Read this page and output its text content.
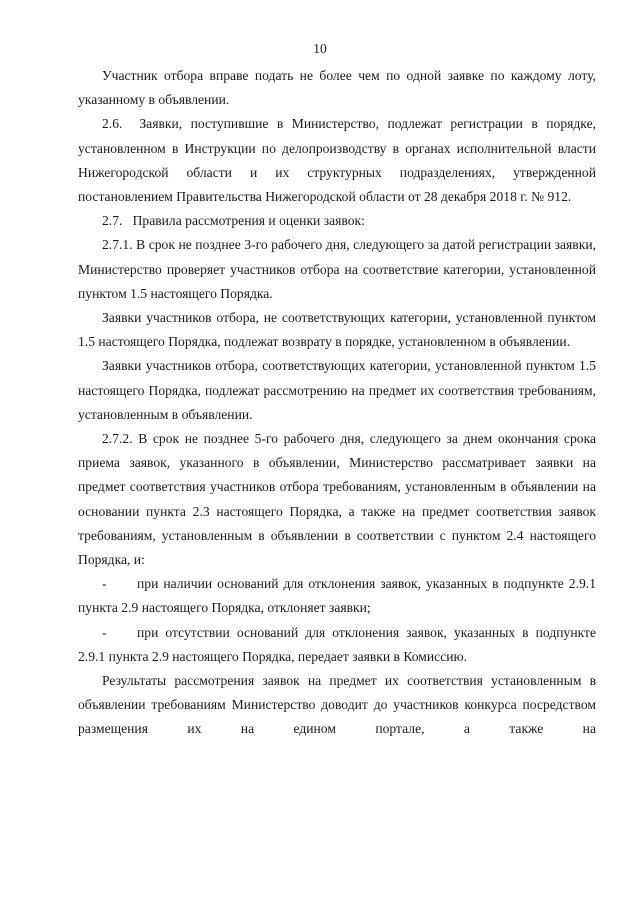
10

Участник отбора вправе подать не более чем по одной заявке по каждому лоту, указанному в объявлении.

2.6.  Заявки, поступившие в Министерство, подлежат регистрации в порядке, установленном в Инструкции по делопроизводству в органах исполнительной власти Нижегородской области и их структурных подразделениях, утвержденной постановлением Правительства Нижегородской области от 28 декабря 2018 г. № 912.

2.7.   Правила рассмотрения и оценки заявок:

2.7.1. В срок не позднее 3-го рабочего дня, следующего за датой регистрации заявки, Министерство проверяет участников отбора на соответствие категории, установленной пунктом 1.5 настоящего Порядка.

Заявки участников отбора, не соответствующих категории, установленной пунктом 1.5 настоящего Порядка, подлежат возврату в порядке, установленном в объявлении.

Заявки участников отбора, соответствующих категории, установленной пунктом 1.5 настоящего Порядка, подлежат рассмотрению на предмет их соответствия требованиям, установленным в объявлении.

2.7.2. В срок не позднее 5-го рабочего дня, следующего за днем окончания срока приема заявок, указанного в объявлении, Министерство рассматривает заявки на предмет соответствия участников отбора требованиям, установленным в объявлении на основании пункта 2.3 настоящего Порядка, а также на предмет соответствия заявок требованиям, установленным в объявлении в соответствии с пунктом 2.4 настоящего Порядка, и:

- при наличии оснований для отклонения заявок, указанных в подпункте 2.9.1 пункта 2.9 настоящего Порядка, отклоняет заявки;

- при отсутствии оснований для отклонения заявок, указанных в подпункте 2.9.1 пункта 2.9 настоящего Порядка, передает заявки в Комиссию.

Результаты рассмотрения заявок на предмет их соответствия установленным в объявлении требованиям Министерство доводит до участников конкурса посредством размещения их на едином портале, а также на
